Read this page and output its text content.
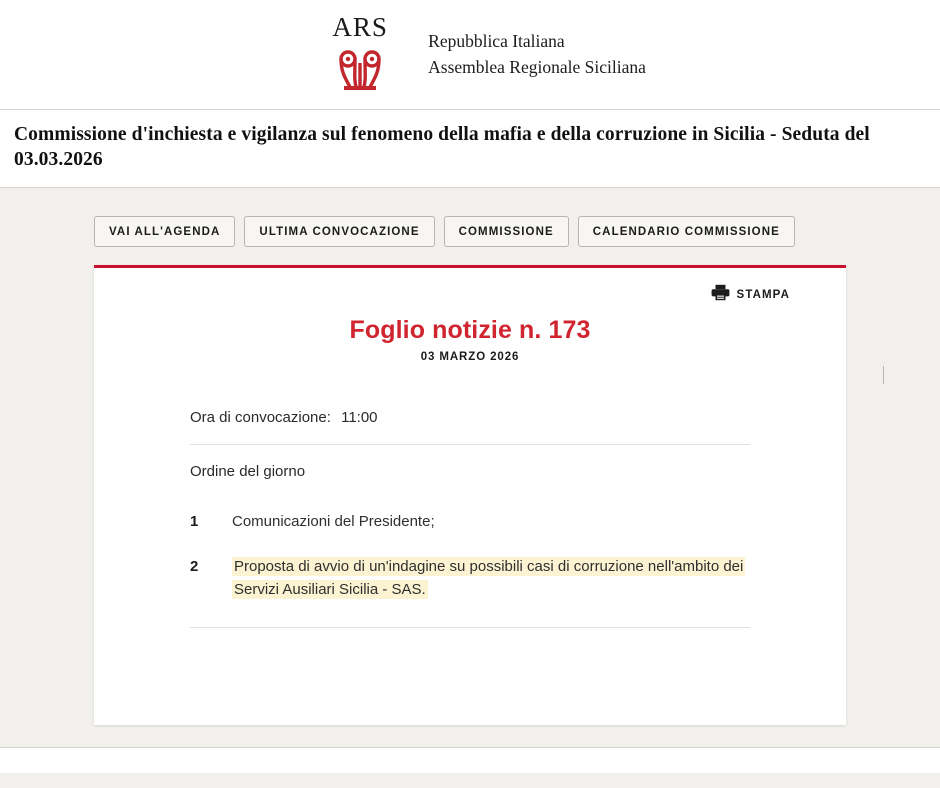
ARS Repubblica Italiana
Assemblea Regionale Siciliana
Commissione d'inchiesta e vigilanza sul fenomeno della mafia e della corruzione in Sicilia - Seduta del 03.03.2026
VAI ALL'AGENDA	ULTIMA CONVOCAZIONE	COMMISSIONE	CALENDARIO COMMISSIONE
STAMPA
Foglio notizie n. 173
03 MARZO 2026
Ora di convocazione: 11:00
Ordine del giorno
1	Comunicazioni del Presidente;
2	Proposta di avvio di un'indagine su possibili casi di corruzione nell'ambito dei Servizi Ausiliari Sicilia - SAS.
